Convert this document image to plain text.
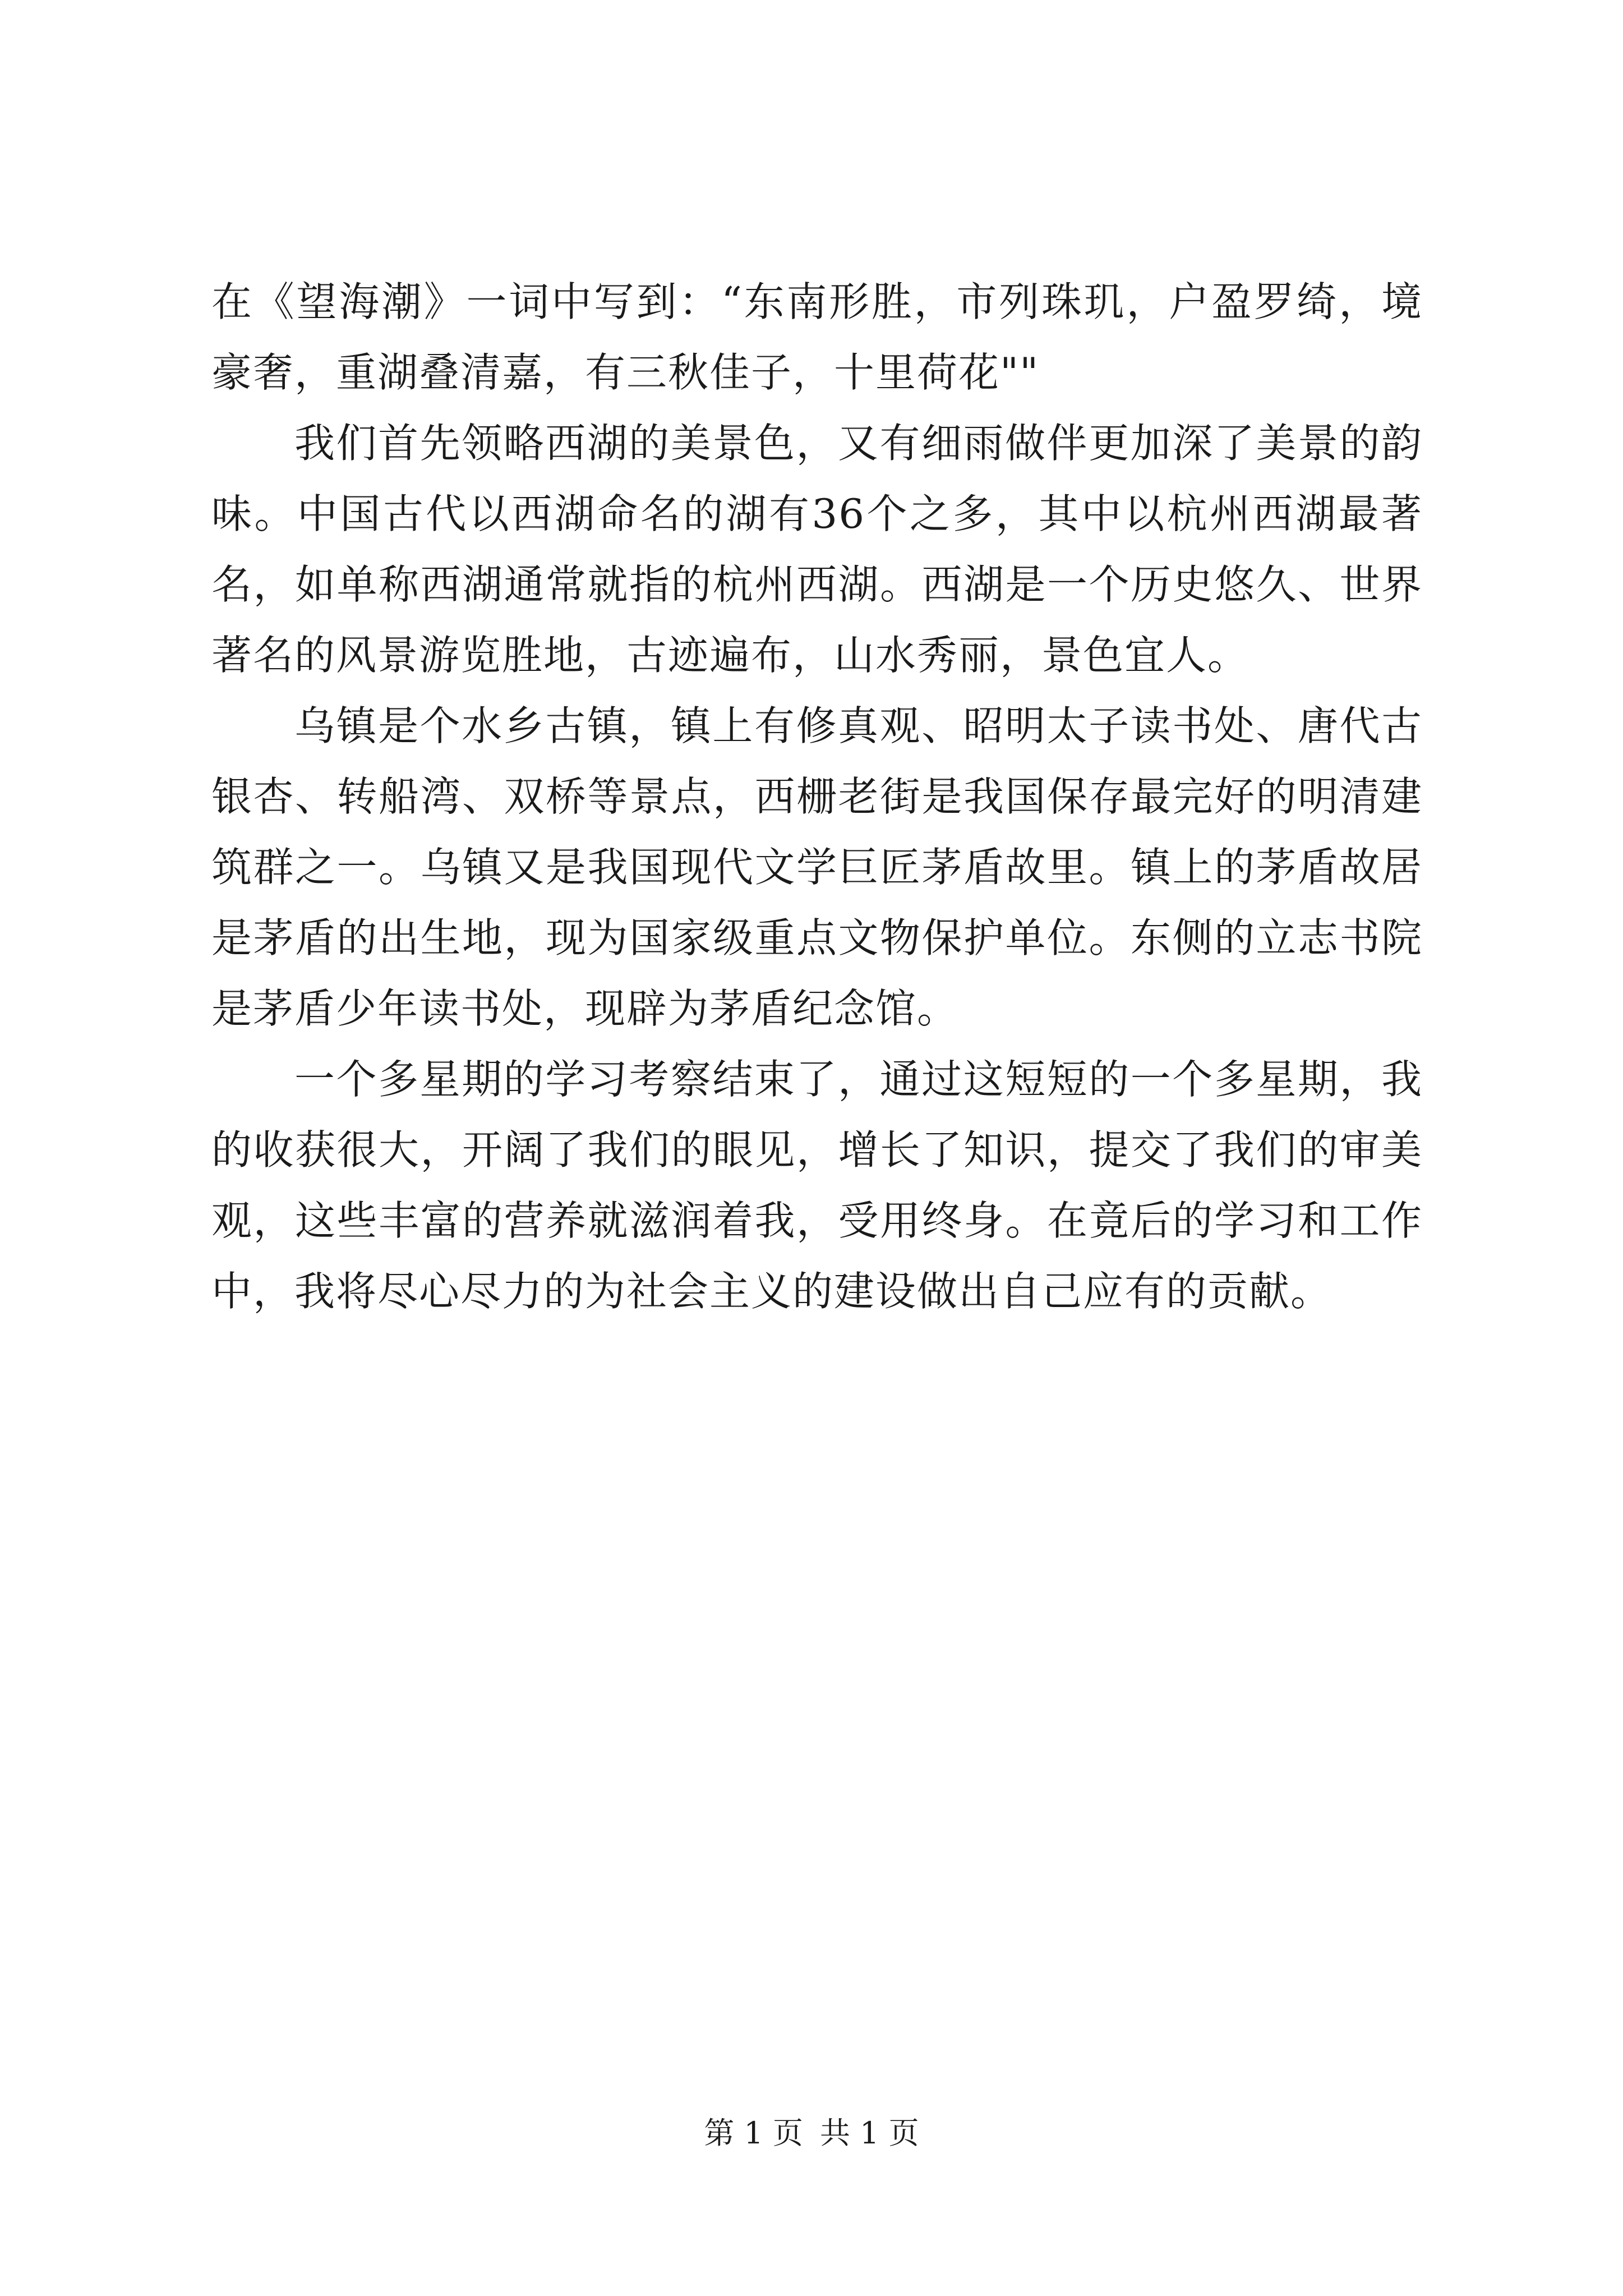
在《望海潮》一词中写到：“东南形胜，市列珠玑，户盈罗绮，境豪奢，重湖叠清嘉，有三秋佳子，十里荷花""

我们首先领略西湖的美景色，又有细雨做伴更加深了美景的韵味。中国古代以西湖命名的湖有36个之多，其中以杭州西湖最著名，如单称西湖通常就指的杭州西湖。西湖是一个历史悠久、世界著名的风景游览胜地，古迹遍布，山水秀丽，景色宜人。

乌镇是个水乡古镇，镇上有修真观、昭明太子读书处、唐代古银杏、转船湾、双桥等景点，西栅老街是我国保存最完好的明清建筑群之一。乌镇又是我国现代文学巨匠茅盾故里。镇上的茅盾故居是茅盾的出生地，现为国家级重点文物保护单位。东侧的立志书院是茅盾少年读书处，现辟为茅盾纪念馆。

一个多星期的学习考察结束了，通过这短短的一个多星期，我的收获很大，开阔了我们的眼见，增长了知识，提交了我们的审美观，这些丰富的营养就滋润着我，受用终身。在竟后的学习和工作中，我将尽心尽力的为社会主义的建设做出自己应有的贡献。

第 1 页 共 1 页
